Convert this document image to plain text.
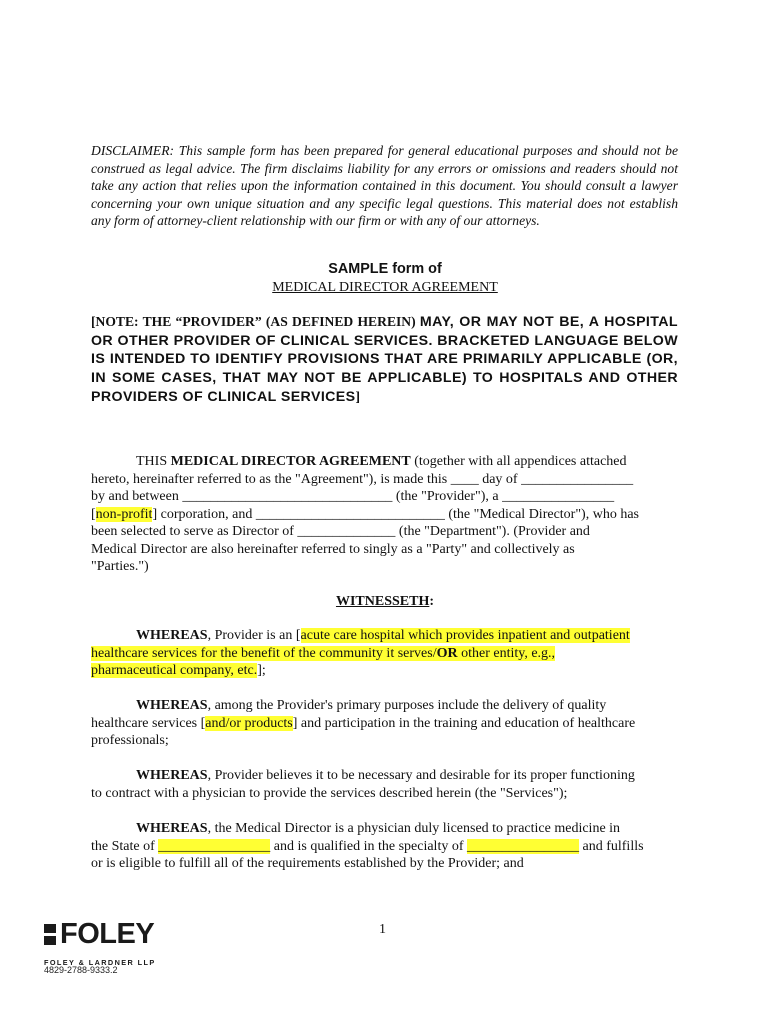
DISCLAIMER: This sample form has been prepared for general educational purposes and should not be construed as legal advice. The firm disclaims liability for any errors or omissions and readers should not take any action that relies upon the information contained in this document. You should consult a lawyer concerning your own unique situation and any specific legal questions. This material does not establish any form of attorney-client relationship with our firm or with any of our attorneys.
SAMPLE form of
MEDICAL DIRECTOR AGREEMENT
[NOTE: THE “PROVIDER” (AS DEFINED HEREIN) MAY, OR MAY NOT BE, A HOSPITAL OR OTHER PROVIDER OF CLINICAL SERVICES. BRACKETED LANGUAGE BELOW IS INTENDED TO IDENTIFY PROVISIONS THAT ARE PRIMARILY APPLICABLE (OR, IN SOME CASES, THAT MAY NOT BE APPLICABLE) TO HOSPITALS AND OTHER PROVIDERS OF CLINICAL SERVICES]
THIS MEDICAL DIRECTOR AGREEMENT (together with all appendices attached
hereto, hereinafter referred to as the "Agreement"), is made this ____ day of ________________
by and between ______________________________ (the "Provider"), a ________________
[non-profit] corporation, and ___________________________ (the "Medical Director"), who has
been selected to serve as Director of ______________ (the "Department"). (Provider and
Medical Director are also hereinafter referred to singly as a "Party" and collectively as
"Parties.")
WITNESSETH:
WHEREAS, Provider is an [acute care hospital which provides inpatient and outpatient
healthcare services for the benefit of the community it serves/OR other entity, e.g.,
pharmaceutical company, etc.];
WHEREAS, among the Provider's primary purposes include the delivery of quality
healthcare services [and/or products] and participation in the training and education of healthcare
professionals;
WHEREAS, Provider believes it to be necessary and desirable for its proper functioning
to contract with a physician to provide the services described herein (the "Services");
WHEREAS, the Medical Director is a physician duly licensed to practice medicine in
the State of ________________ and is qualified in the specialty of ________________ and fulfills
or is eligible to fulfill all of the requirements established by the Provider; and
FOLEY
FOLEY & LARDNER LLP
4829-2788-9333.2
1
